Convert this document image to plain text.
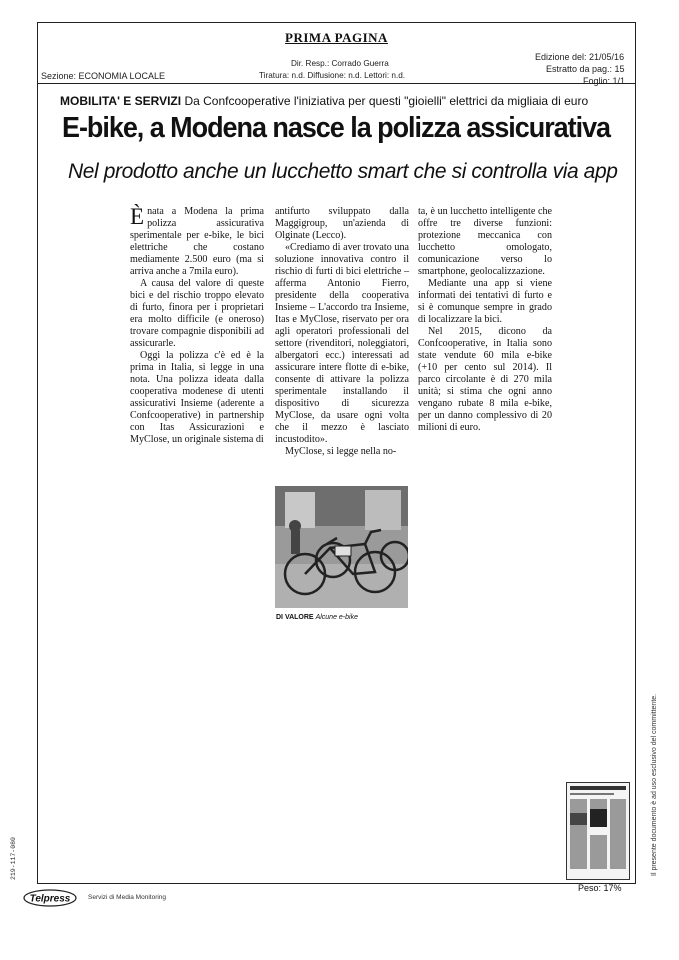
PRIMA PAGINA
Dir. Resp.: Corrado Guerra
Tiratura: n.d. Diffusione: n.d. Lettori: n.d.
Sezione: ECONOMIA LOCALE
Edizione del: 21/05/16
Estratto da pag.: 15
Foglio: 1/1
MOBILITA' E SERVIZI Da Confcooperative l'iniziativa per questi "gioielli" elettrici da migliaia di euro
E-bike, a Modena nasce la polizza assicurativa
Nel prodotto anche un lucchetto smart che si controlla via app

Ènata a Modena la prima polizza assicurativa sperimentale per e-bike, le bici elettriche che costano mediamente 2.500 euro (ma si arriva anche a 7mila euro).

A causa del valore di queste bici e del rischio troppo elevato di furto, finora per i proprietari era molto difficile (e oneroso) trovare compagnie disponibili ad assicurarle.

Oggi la polizza c'è ed è la prima in Italia, si legge in una nota. Una polizza ideata dalla cooperativa modenese di utenti assicurativi Insieme (aderente a Confcooperative) in partnership con Itas Assicurazioni e MyClose, un originale sistema di

antifurto sviluppato dalla Maggigroup, un'azienda di Olginate (Lecco).

«Crediamo di aver trovato una soluzione innovativa contro il rischio di furti di bici elettriche – afferma Antonio Fierro, presidente della cooperativa Insieme – L'accordo tra Insieme, Itas e MyClose, riservato per ora agli operatori professionali del settore (rivenditori, noleggiatori, albergatori ecc.) interessati ad assicurare intere flotte di e-bike, consente di attivare la polizza sperimentale installando il dispositivo di sicurezza MyClose, da usare ogni volta che il mezzo è lasciato incustodito».

MyClose, si legge nella no-

ta, è un lucchetto intelligente che offre tre diverse funzioni: protezione meccanica con lucchetto omologato, comunicazione verso lo smartphone, geolocalizzazione.

Mediante una app si viene informati dei tentativi di furto e si è comunque sempre in grado di localizzare la bici.

Nel 2015, dicono da Confcooperative, in Italia sono state vendute 60 mila e-bike (+10 per cento sul 2014). Il parco circolante è di 270 mila unità; si stima che ogni anno vengano rubate 8 mila e-bike, per un danno complessivo di 20 milioni di euro.

DI VALORE Alcune e-bike
Peso: 17%
Il presente documento è ad uso esclusivo del committente.
219-117-080
Telpress	Servizi di Media Monitoring
